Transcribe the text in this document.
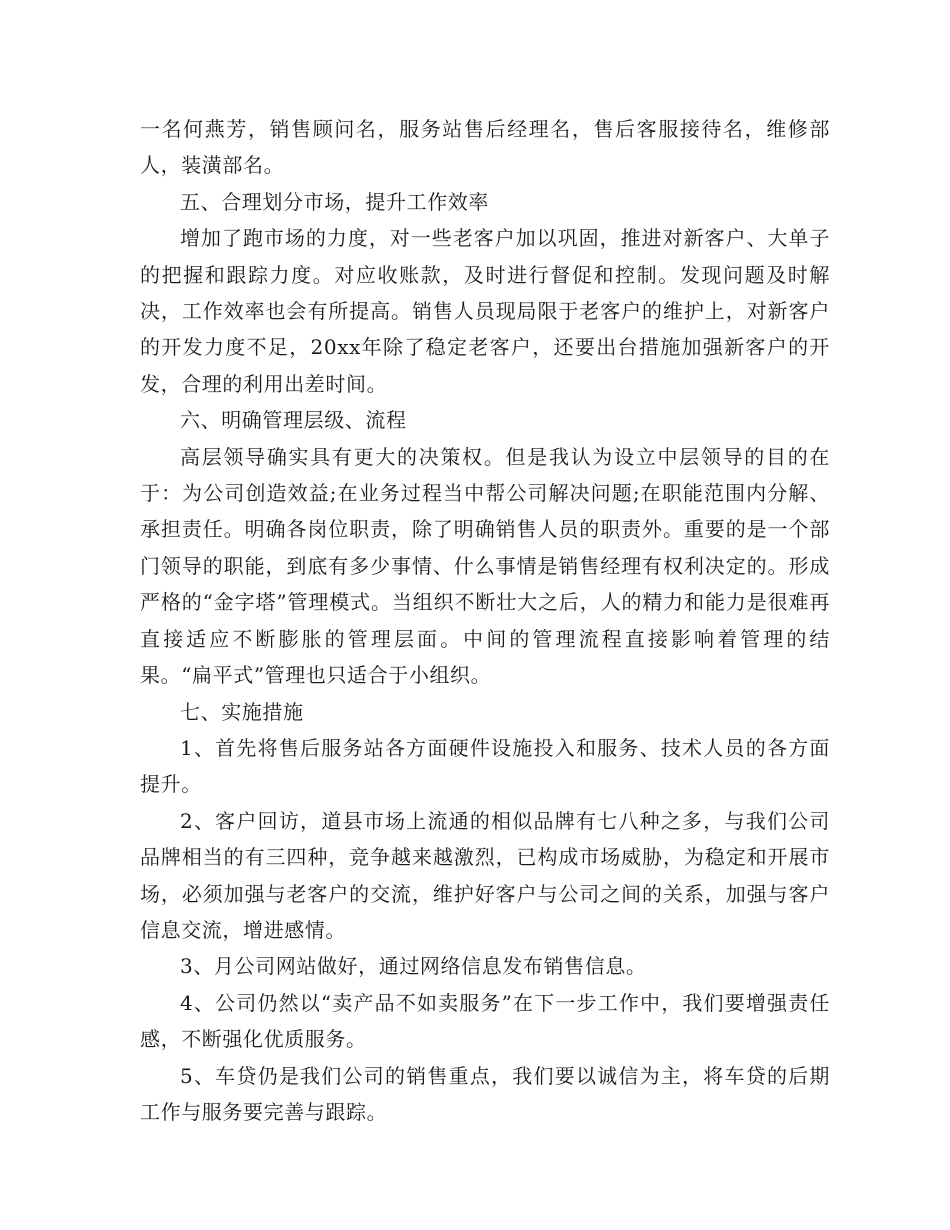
一名何燕芳，销售顾问名，服务站售后经理名，售后客服接待名，维修部人，装潢部名。

五、合理划分市场，提升工作效率

增加了跑市场的力度，对一些老客户加以巩固，推进对新客户、大单子的把握和跟踪力度。对应收账款，及时进行督促和控制。发现问题及时解决，工作效率也会有所提高。销售人员现局限于老客户的维护上，对新客户的开发力度不足，20xx年除了稳定老客户，还要出台措施加强新客户的开发，合理的利用出差时间。

六、明确管理层级、流程

高层领导确实具有更大的决策权。但是我认为设立中层领导的目的在于：为公司创造效益;在业务过程当中帮公司解决问题;在职能范围内分解、承担责任。明确各岗位职责，除了明确销售人员的职责外。重要的是一个部门领导的职能，到底有多少事情、什么事情是销售经理有权利决定的。形成严格的“金字塔”管理模式。当组织不断壮大之后，人的精力和能力是很难再直接适应不断膨胀的管理层面。中间的管理流程直接影响着管理的结果。“扁平式”管理也只适合于小组织。

七、实施措施

1、首先将售后服务站各方面硬件设施投入和服务、技术人员的各方面提升。

2、客户回访，道县市场上流通的相似品牌有七八种之多，与我们公司品牌相当的有三四种，竞争越来越激烈，已构成市场威胁，为稳定和开展市场，必须加强与老客户的交流，维护好客户与公司之间的关系，加强与客户信息交流，增进感情。

3、月公司网站做好，通过网络信息发布销售信息。

4、公司仍然以“卖产品不如卖服务”在下一步工作中，我们要增强责任感，不断强化优质服务。

5、车贷仍是我们公司的销售重点，我们要以诚信为主，将车贷的后期工作与服务要完善与跟踪。
